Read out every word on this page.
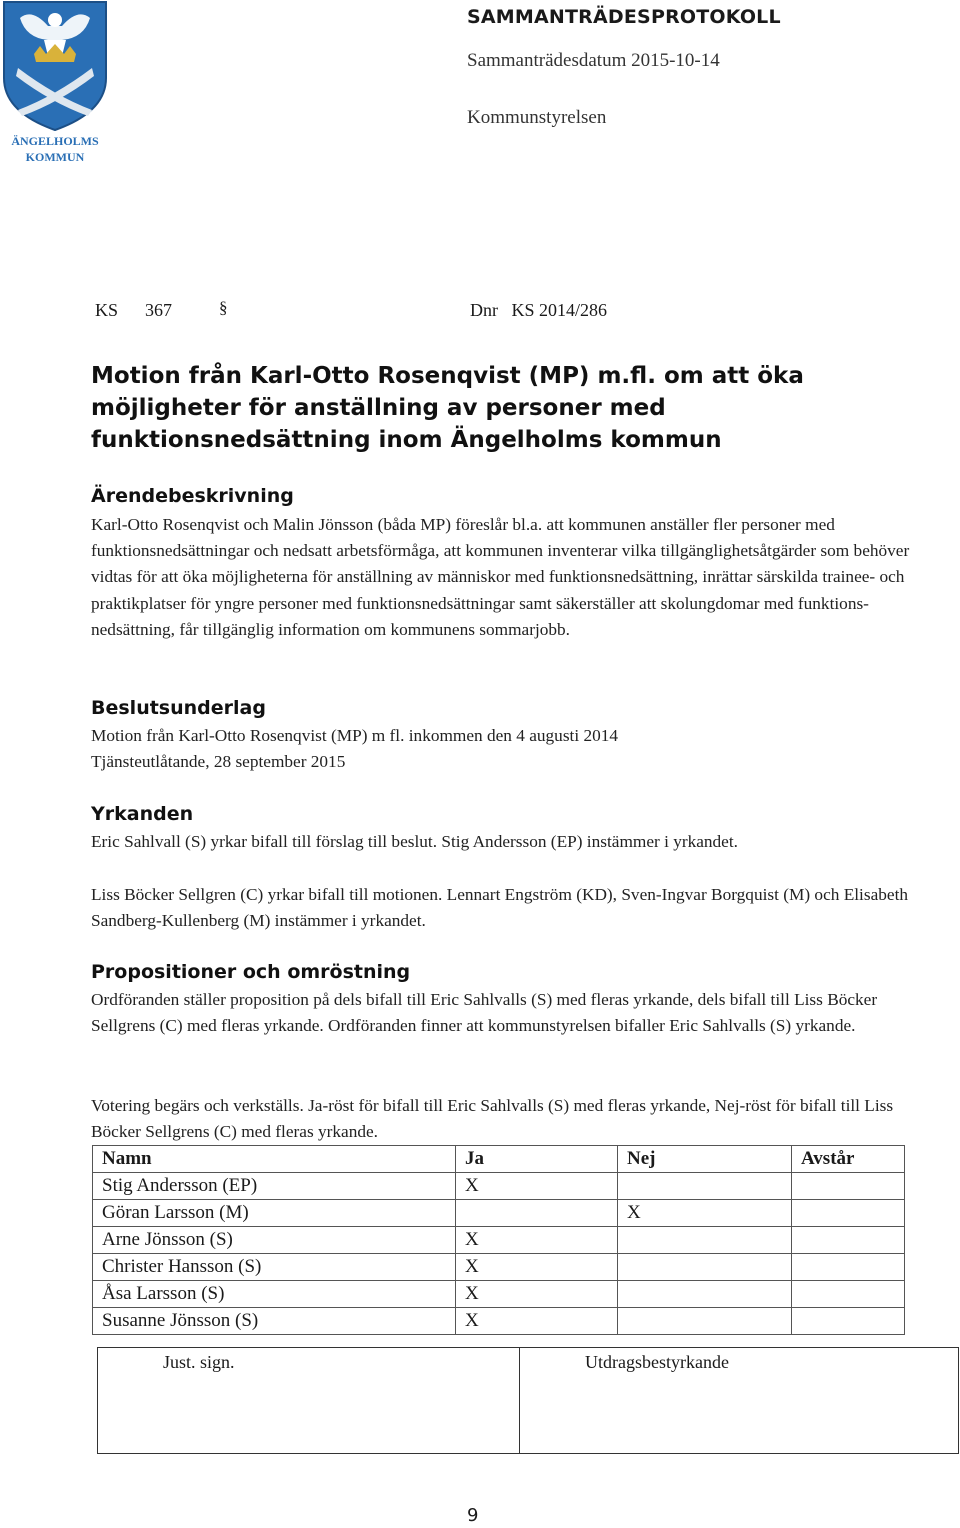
ÄNGELHOLMS
KOMMUN
SAMMANTRÄDESPROTOKOLL
Sammanträdesdatum 2015-10-14
Kommunstyrelsen
KS	§
367	Dnr   KS 2014/286
Motion från Karl-Otto Rosenqvist (MP) m.fl. om att öka möjligheter för anställning av personer med funktionsnedsättning inom Ängelholms kommun
Ärendebeskrivning
Karl-Otto Rosenqvist och Malin Jönsson (båda MP) föreslår bl.a. att kommunen anställer fler personer med funktionsnedsättningar och nedsatt arbetsförmåga, att kommunen inventerar vilka tillgänglighetsåtgärder som behöver vidtas för att öka möjligheterna för anställning av människor med funktionsnedsättning, inrättar särskilda trainee- och praktikplatser för yngre personer med funktionsnedsättningar samt säkerställer att skolungdomar med funktions-nedsättning, får tillgänglig information om kommunens sommarjobb.
Beslutsunderlag
Motion från Karl-Otto Rosenqvist (MP) m fl. inkommen den 4 augusti 2014
Tjänsteutlåtande, 28 september 2015
Yrkanden
Eric Sahlvall (S) yrkar bifall till förslag till beslut. Stig Andersson (EP) instämmer i yrkandet.
Liss Böcker Sellgren (C) yrkar bifall till motionen. Lennart Engström (KD), Sven-Ingvar Borgquist (M) och Elisabeth Sandberg-Kullenberg (M) instämmer i yrkandet.
Propositioner och omröstning
Ordföranden ställer proposition på dels bifall till Eric Sahlvalls (S) med fleras yrkande, dels bifall till Liss Böcker Sellgrens (C) med fleras yrkande. Ordföranden finner att kommunstyrelsen bifaller Eric Sahlvalls (S) yrkande.
Votering begärs och verkställs. Ja-röst för bifall till Eric Sahlvalls (S) med fleras yrkande, Nej-röst för bifall till Liss Böcker Sellgrens (C) med fleras yrkande.
Namn	Ja	Nej	Avstår
Stig Andersson (EP)	X		
Göran Larsson (M)		X	
Arne Jönsson (S)	X		
Christer Hansson (S)	X		
Åsa Larsson (S)	X		
Susanne Jönsson (S)	X		
Just. sign.	Utdragsbestyrkande
9
